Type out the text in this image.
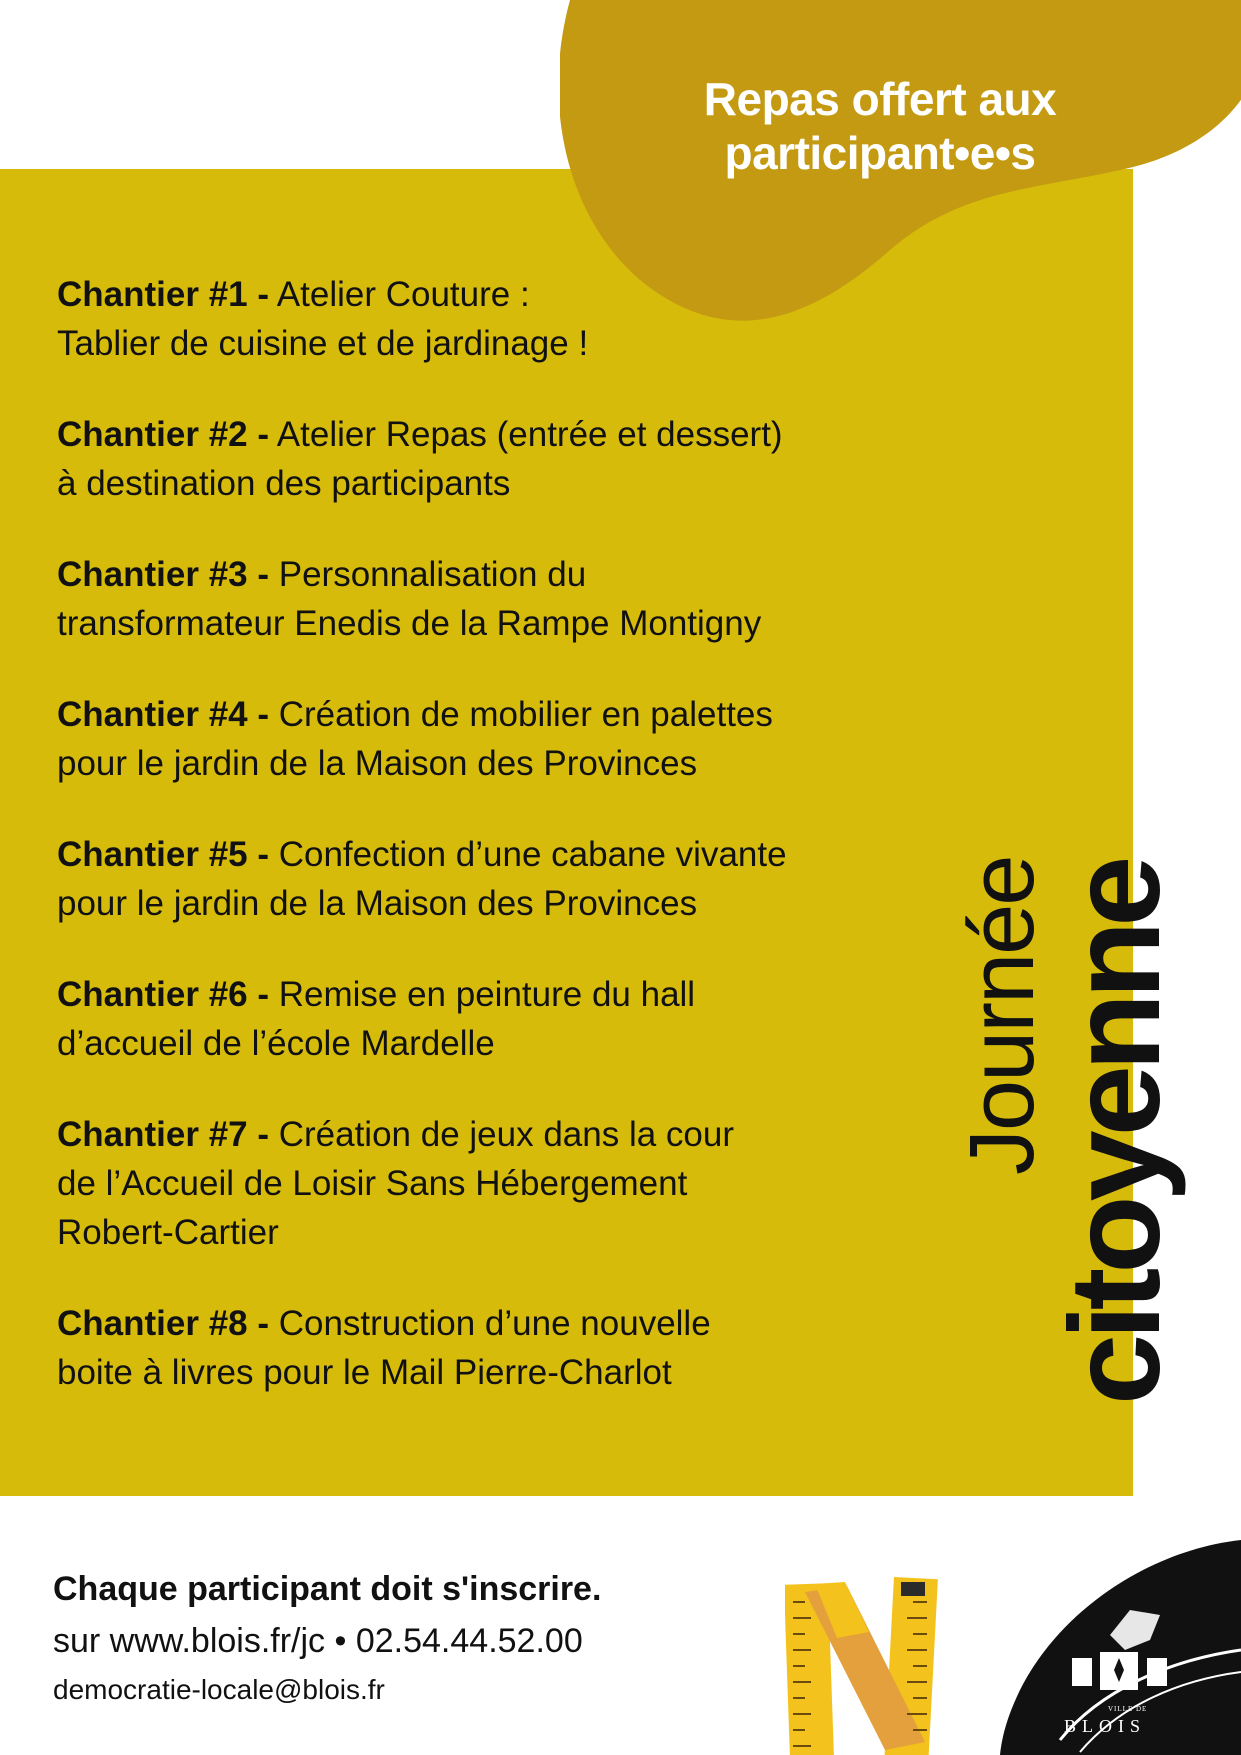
Repas offert aux
participant•e•s
Chantier #1 - Atelier Couture :
Tablier de cuisine et de jardinage !
Chantier #2 - Atelier Repas (entrée et dessert)
à destination des participants
Chantier #3 - Personnalisation du
transformateur Enedis de la Rampe Montigny
Chantier #4 - Création de mobilier en palettes
pour le jardin de la Maison des Provinces
Chantier #5 - Confection d’une cabane vivante
pour le jardin de la Maison des Provinces
Chantier #6 - Remise en peinture du hall
d’accueil de l’école Mardelle
Chantier #7 - Création de jeux dans la cour
de l’Accueil de Loisir Sans Hébergement
Robert-Cartier
Chantier #8 - Construction d’une nouvelle
boite à livres pour le Mail Pierre-Charlot
Journée
citoyenne
Chaque participant doit s'inscrire.
sur www.blois.fr/jc • 02.54.44.52.00
democratie-locale@blois.fr
VILLE DE
BLOIS
